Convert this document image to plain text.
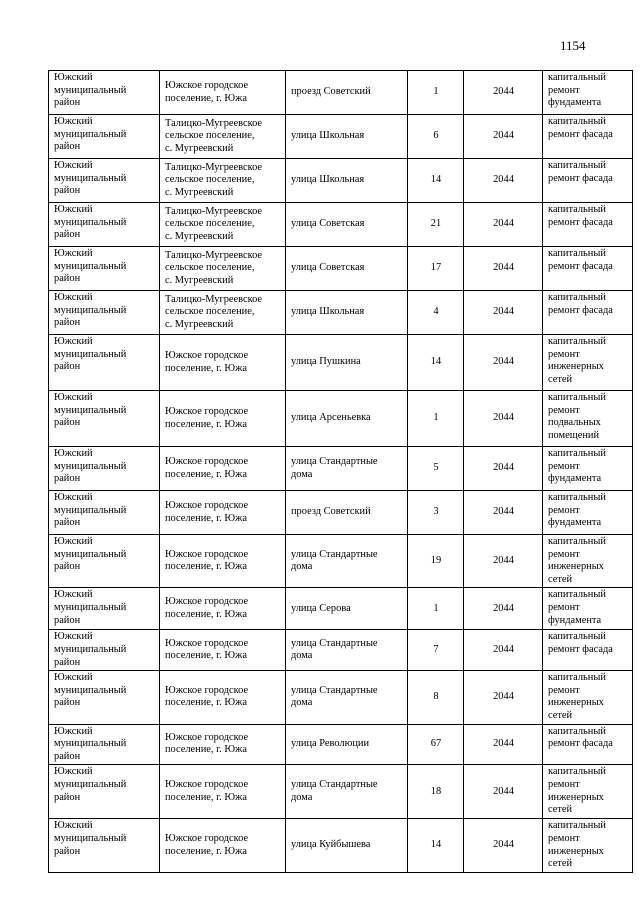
1154
Южский
муниципальный
район	Южское городское
поселение, г. Южа	проезд Советский	1	2044	капитальный
ремонт
фундамента

Южский
муниципальный
район	Талицко-Мугреевское
сельское поселение,
с. Мугреевский	улица Школьная	6	2044	капитальный
ремонт фасада

Южский
муниципальный
район	Талицко-Мугреевское
сельское поселение,
с. Мугреевский	улица Школьная	14	2044	капитальный
ремонт фасада

Южский
муниципальный
район	Талицко-Мугреевское
сельское поселение,
с. Мугреевский	улица Советская	21	2044	капитальный
ремонт фасада

Южский
муниципальный
район	Талицко-Мугреевское
сельское поселение,
с. Мугреевский	улица Советская	17	2044	капитальный
ремонт фасада

Южский
муниципальный
район	Талицко-Мугреевское
сельское поселение,
с. Мугреевский	улица Школьная	4	2044	капитальный
ремонт фасада

Южский
муниципальный
район	Южское городское
поселение, г. Южа	улица Пушкина	14	2044	капитальный
ремонт
инженерных
сетей

Южский
муниципальный
район	Южское городское
поселение, г. Южа	улица Арсеньевка	1	2044	капитальный
ремонт
подвальных
помещений

Южский
муниципальный
район	Южское городское
поселение, г. Южа	улица Стандартные
дома	5	2044	капитальный
ремонт
фундамента

Южский
муниципальный
район	Южское городское
поселение, г. Южа	проезд Советский	3	2044	капитальный
ремонт
фундамента

Южский
муниципальный
район	Южское городское
поселение, г. Южа	улица Стандартные
дома	19	2044	капитальный
ремонт
инженерных
сетей

Южский
муниципальный
район	Южское городское
поселение, г. Южа	улица Серова	1	2044	капитальный
ремонт
фундамента

Южский
муниципальный
район	Южское городское
поселение, г. Южа	улица Стандартные
дома	7	2044	капитальный
ремонт фасада

Южский
муниципальный
район	Южское городское
поселение, г. Южа	улица Стандартные
дома	8	2044	капитальный
ремонт
инженерных
сетей

Южский
муниципальный
район	Южское городское
поселение, г. Южа	улица Революции	67	2044	капитальный
ремонт фасада

Южский
муниципальный
район	Южское городское
поселение, г. Южа	улица Стандартные
дома	18	2044	капитальный
ремонт
инженерных
сетей

Южский
муниципальный
район	Южское городское
поселение, г. Южа	улица Куйбышева	14	2044	капитальный
ремонт
инженерных
сетей
